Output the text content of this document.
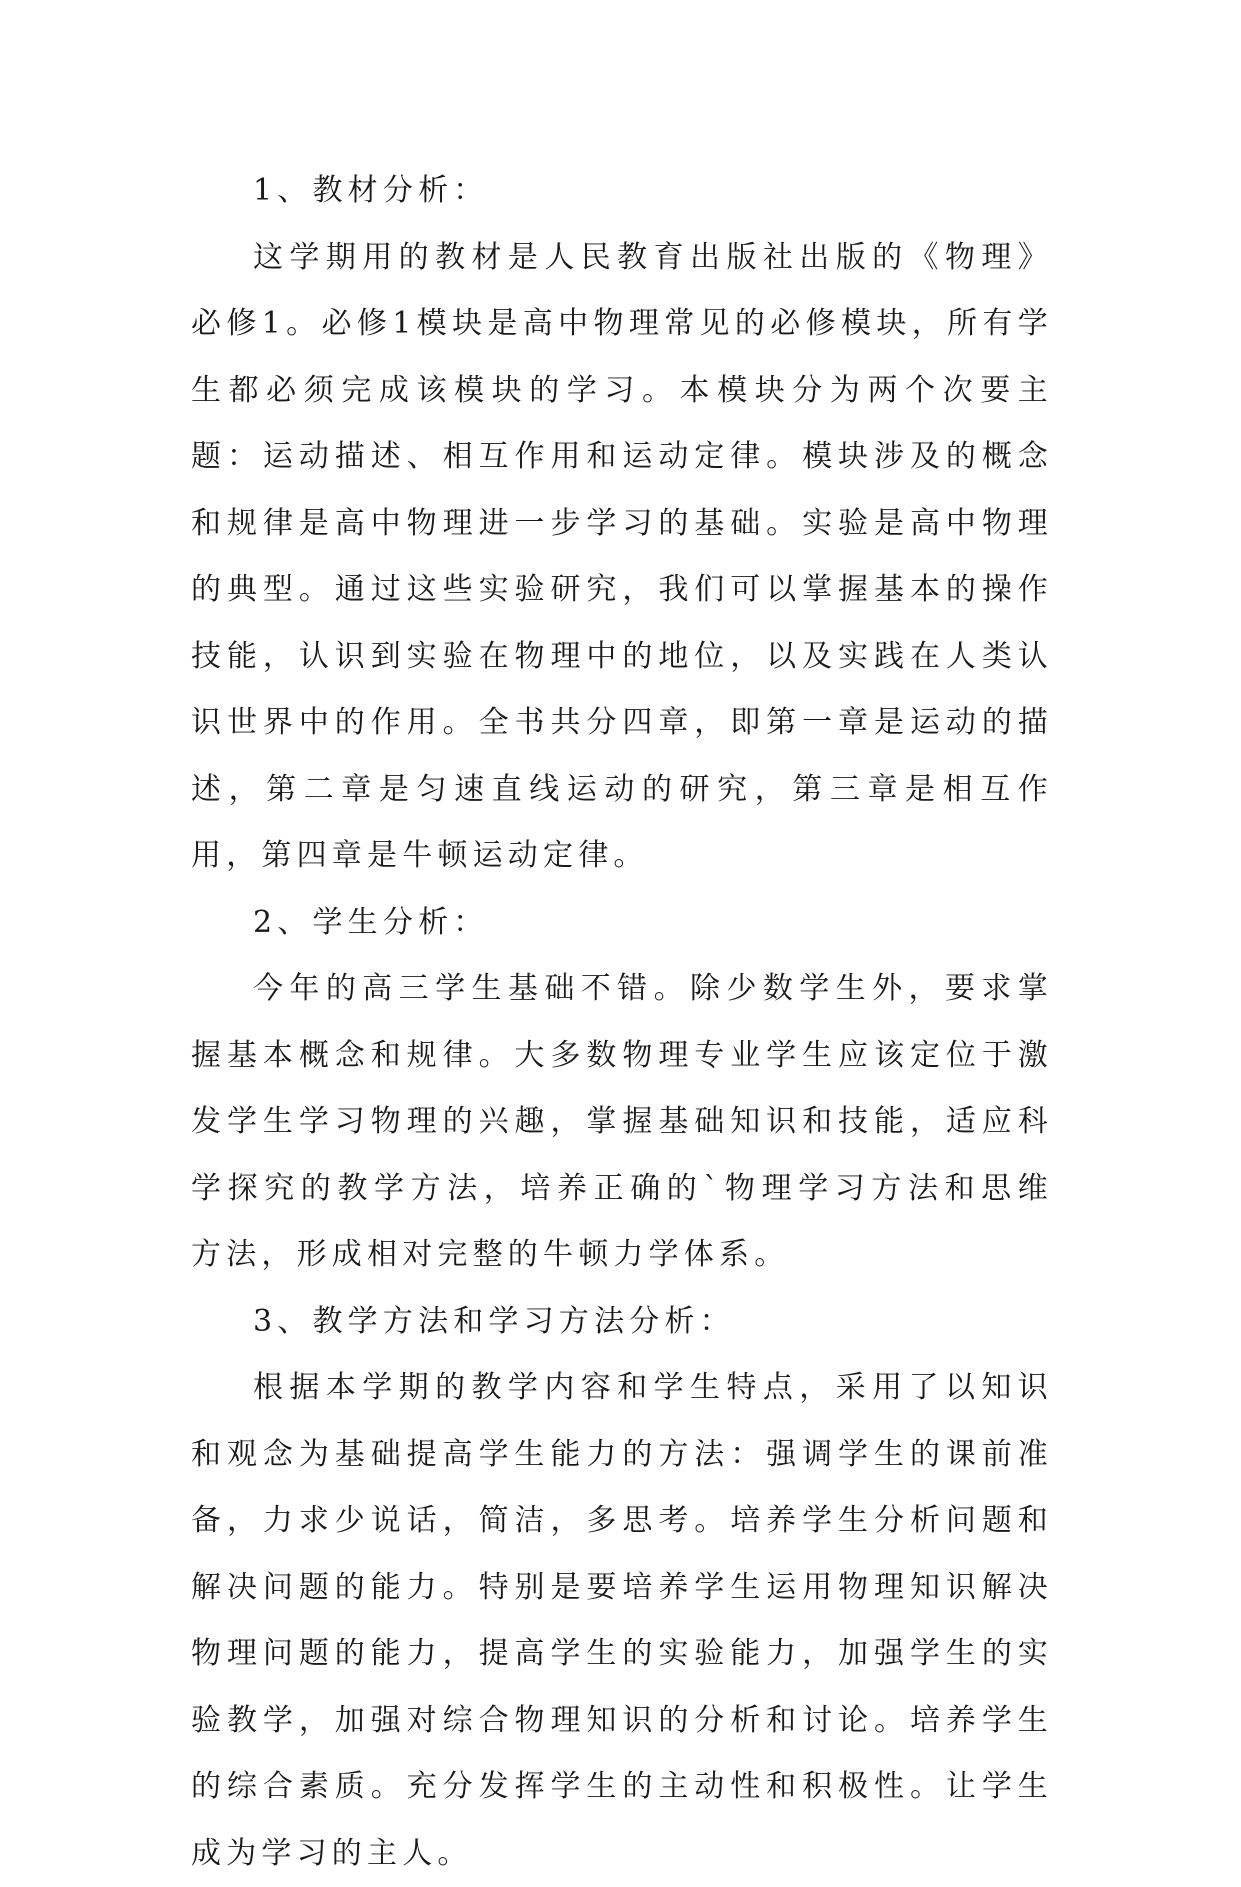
1、教材分析：

这学期用的教材是人民教育出版社出版的《物理》必修1。必修1模块是高中物理常见的必修模块，所有学生都必须完成该模块的学习。本模块分为两个次要主题：运动描述、相互作用和运动定律。模块涉及的概念和规律是高中物理进一步学习的基础。实验是高中物理的典型。通过这些实验研究，我们可以掌握基本的操作技能，认识到实验在物理中的地位，以及实践在人类认识世界中的作用。全书共分四章，即第一章是运动的描述，第二章是匀速直线运动的研究，第三章是相互作用，第四章是牛顿运动定律。

2、学生分析：

今年的高三学生基础不错。除少数学生外，要求掌握基本概念和规律。大多数物理专业学生应该定位于激发学生学习物理的兴趣，掌握基础知识和技能，适应科学探究的教学方法，培养正确的`物理学习方法和思维方法，形成相对完整的牛顿力学体系。

3、教学方法和学习方法分析：

根据本学期的教学内容和学生特点，采用了以知识和观念为基础提高学生能力的方法：强调学生的课前准备，力求少说话，简洁，多思考。培养学生分析问题和解决问题的能力。特别是要培养学生运用物理知识解决物理问题的能力，提高学生的实验能力，加强学生的实验教学，加强对综合物理知识的分析和讨论。培养学生的综合素质。充分发挥学生的主动性和积极性。让学生成为学习的主人。
